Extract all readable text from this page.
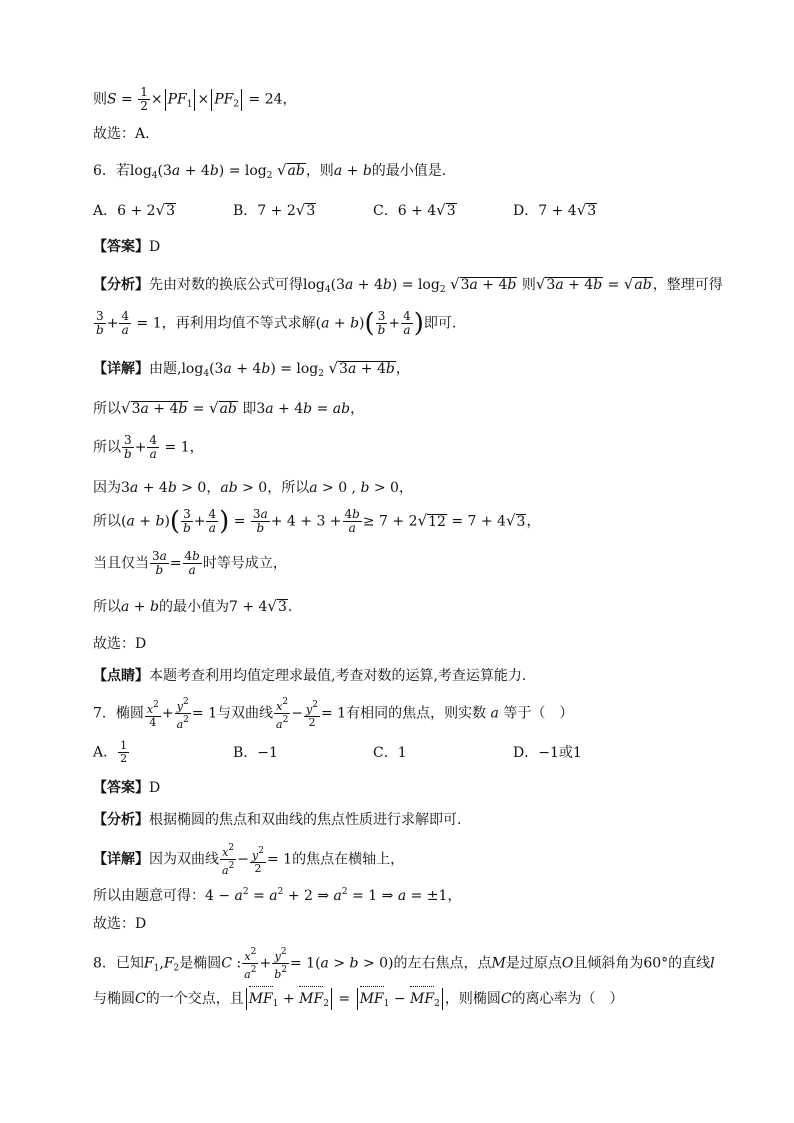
则$S = \frac{1}{2} \times PF_1 \times PF_2 = 24$，
故选：A.
6．若$\log_4(3a + 4b) = \log_2 √ab$，则a + b的最小值是．
A．6 + 2√3	B．7 + 2√3	C．6 + 4√3	D．7 + 4√3
【答案】D
【分析】先由对数的换底公式可得$\log_4(3a + 4b) = \log_2 √3a + 4b$ 则√3a + 4b = √ab，整理可得
$\frac{3}{b} + \frac{4}{a} = 1$，再利用均值不等式求解$(a + b)( \frac{3}{b} + \frac{4}{a}$ )即可.
【详解】由题$,\log_4(3a + 4b) = \log_2 √3a + 4b$，
所以√3a + 4b = √ab 即3a + 4b = ab，
所以 $\frac{3}{b} + \frac{4}{a} = 1$，
因为3a + 4b > 0，ab > 0，所以a > 0 , b > 0，
所以$(a + b)( \frac{3}{b} + \frac{4}{a}$ ) = $\frac{3a}{b} + 4 + 3 + \frac{4b}{a} \ge 7 + 2√12 = 7 + 4√3$，
当且仅当 $\frac{3a}{b} = \frac{4b}{a}$ 时等号成立，
所以a + b的最小值为7 + 4√3.
故选：D
【点睛】本题考查利用均值定理求最值,考查对数的运算,考查运算能力.
7．椭圆 $\frac{x^2}{4} + \frac{y^2}{a^2} = 1$与双曲线 $\frac{x^2}{a^2} - \frac{y^2}{2} = 1$有相同的焦点，则实数 a 等于（　）
A． $\frac{1}{2}$	B．−1	C．1	D．−1或1
【答案】D
【分析】根据椭圆的焦点和双曲线的焦点性质进行求解即可.
【详解】因为双曲线 $\frac{x^2}{a^2} - \frac{y^2}{2} = 1$的焦点在横轴上，
所以由题意可得：$4 - a^2 = a^2 + 2$ ⇒ $a^2 = 1$ ⇒ a = ±1，
故选：D
8．已知$F_1,F_2$是椭圆C : $\frac{x^2}{a^2} + \frac{y^2}{b^2} = 1(a > b > 0)$的左右焦点，点M是过原点O且倾斜角为60°的直线l
与椭圆C的一个交点，且 $MF_1 + MF_2 = MF_1 - MF_2$ ，则椭圆C的离心率为（　）
